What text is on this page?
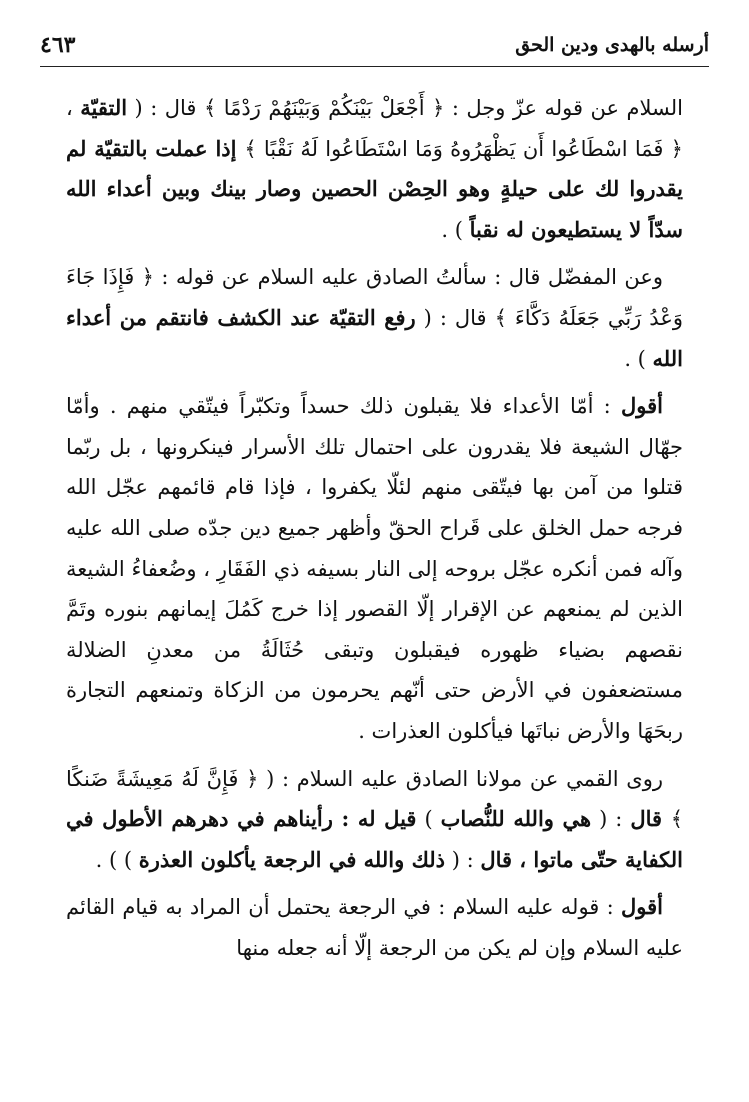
أرسله بالهدى ودين الحق
٤٦٣

السلام عن قوله عزّ وجل : ﴿ أَجْعَلْ بَيْنَكُمْ وَبَيْنَهُمْ رَدْمًا ﴾ قال : ( التقيّة ، ﴿ فَمَا اسْطَاعُوا أَن يَظْهَرُوهُ وَمَا اسْتَطَاعُوا لَهُ نَقْبًا ﴾ إذا عملت بالتقيّة لم يقدروا لك على حيلةٍ وهو الحِصْن الحصين وصار بينك وبين أعداء الله سدّاً لا يستطيعون له نقباً ) .

وعن المفضّل قال : سألتُ الصادق عليه السلام عن قوله : ﴿ فَإِذَا جَاءَ وَعْدُ رَبِّي جَعَلَهُ دَكَّاءَ ﴾ قال : ( رفع التقيّة عند الكشف فانتقم من أعداء الله ) .

أقول : أمّا الأعداء فلا يقبلون ذلك حسداً وتكبّراً فيتّقي منهم . وأمّا جهّال الشيعة فلا يقدرون على احتمال تلك الأسرار فينكرونها ، بل ربّما قتلوا من آمن بها فيتّقى منهم لئلّا يكفروا ، فإذا قام قائمهم عجّل الله فرجه حمل الخلق على قَراح الحقّ وأظهر جميع دين جدّه صلى الله عليه وآله فمن أنكره عجّل بروحه إلى النار بسيفه ذي الفَقَارِ ، وضُعفاءُ الشيعة الذين لم يمنعهم عن الإقرار إلّا القصور إذا خرج كَمُلَ إيمانهم بنوره وتَمَّ نقصهم بضياء ظهوره فيقبلون وتبقى حُثَالَةُ من معدنِ الضلالة مستضعفون في الأرض حتى أنّهم يحرمون من الزكاة وتمنعهم التجارة ربحَهَا والأرض نباتَها فيأكلون العذرات .

روى القمي عن مولانا الصادق عليه السلام : ( ﴿ فَإِنَّ لَهُ مَعِيشَةً ضَنكًا ﴾ قال : ( هي والله للنُّصاب ) قيل له : رأيناهم في دهرهم الأطول في الكفاية حتّى ماتوا ، قال : ( ذلك والله في الرجعة يأكلون العذرة ) ) .

أقول : قوله عليه السلام : في الرجعة يحتمل أن المراد به قيام القائم عليه السلام وإن لم يكن من الرجعة إلّا أنه جعله منها
